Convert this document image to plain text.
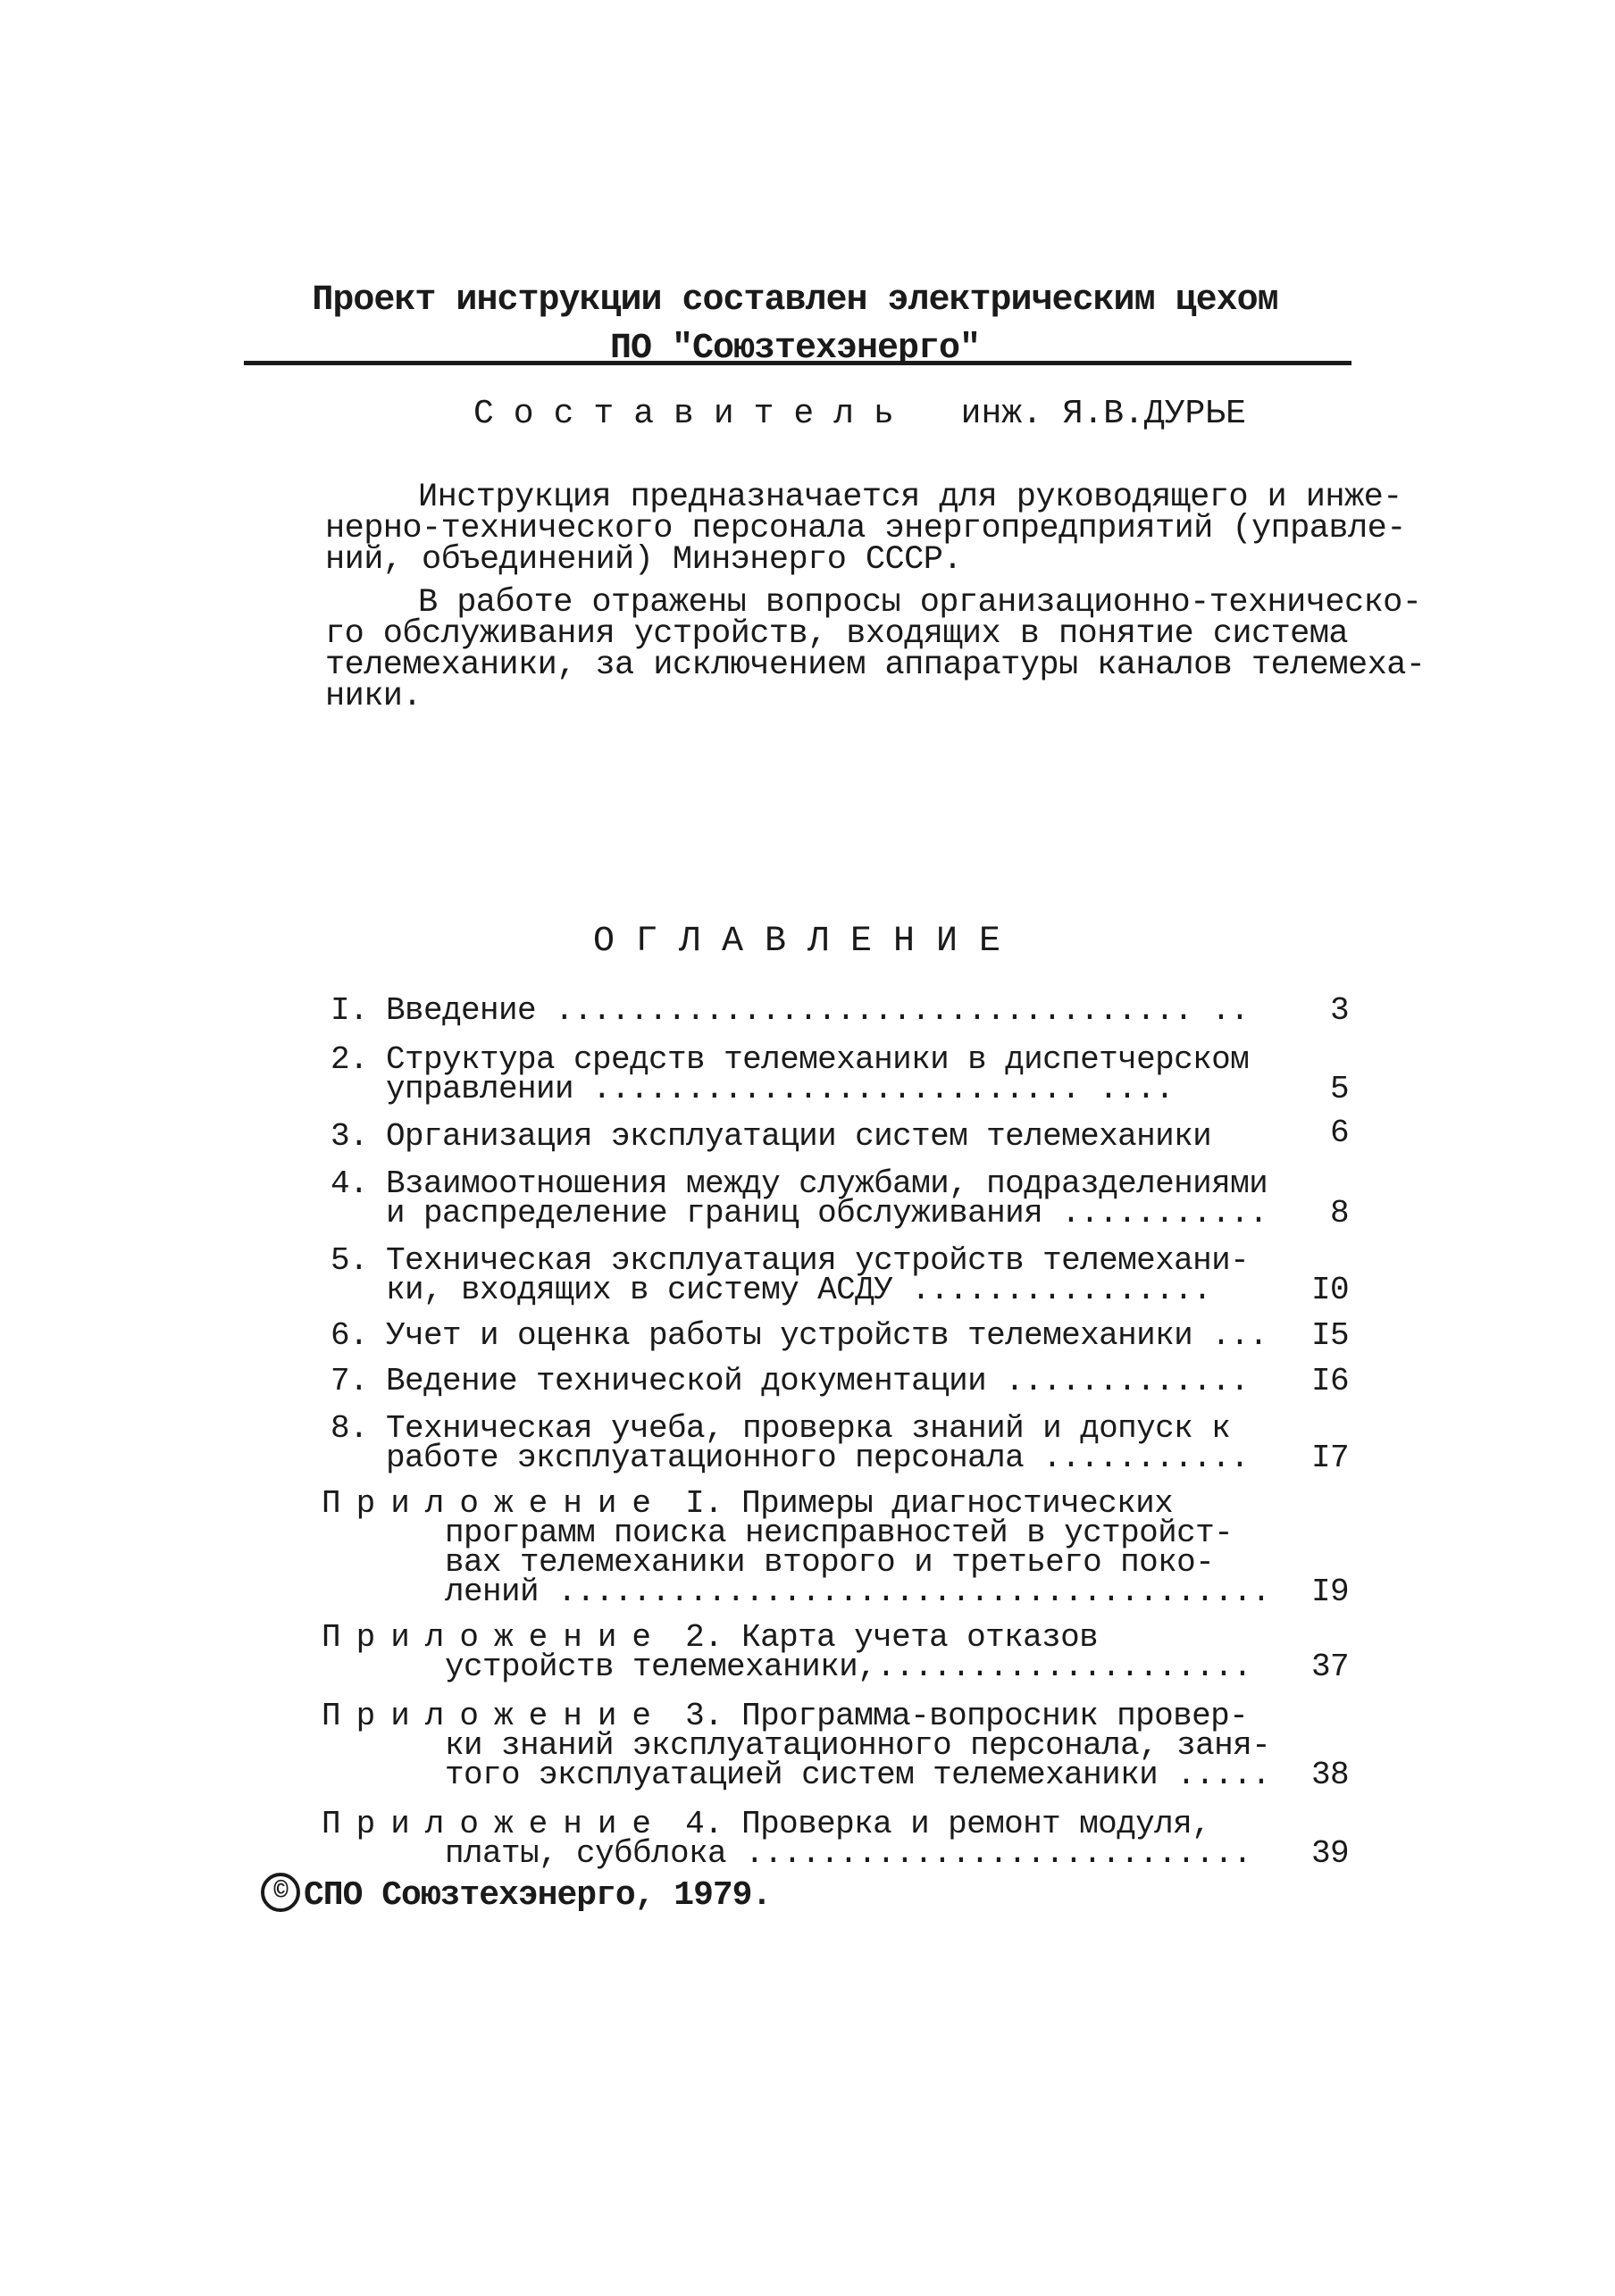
Проект инструкции составлен электрическим цехом
ПО "Союзтехэнерго"
Составитель инж. Я.В.ДУРЬЕ
Инструкция предназначается для руководящего и инже-
нерно-технического персонала энергопредприятий (управле-
ний, объединений) Минэнерго СССР.
В работе отражены вопросы организационно-техническо-
го обслуживания устройств, входящих в понятие система
телемеханики, за исключением аппаратуры каналов телемеха-
ники.
ОГЛАВЛЕНИЕ
I. Введение .................................. ..	3
2. Структура средств телемеханики в диспетчерском
управлении .......................... ....	5
3. Организация эксплуатации систем телемеханики	6
4. Взаимоотношения между службами, подразделениями
и распределение границ обслуживания ...........	8
5. Техническая эксплуатация устройств телемехани-
ки, входящих в систему АСДУ ................	I0
6. Учет и оценка работы устройств телемеханики ...	I5
7. Ведение технической документации .............	I6
8. Техническая учеба, проверка знаний и допуск к
работе эксплуатационного персонала ...........	I7
Приложение I. Примеры диагностических
программ поиска неисправностей в устройст-
вах телемеханики второго и третьего поко-
лений ......................................	I9
Приложение 2. Карта учета отказов
устройств телемеханики,....................	37
Приложение 3. Программа-вопросник провер-
ки знаний эксплуатационного персонала, заня-
того эксплуатацией систем телемеханики .....	38
Приложение 4. Проверка и ремонт модуля,
платы, субблока ...........................	39
© СПО Союзтехэнерго, 1979.
